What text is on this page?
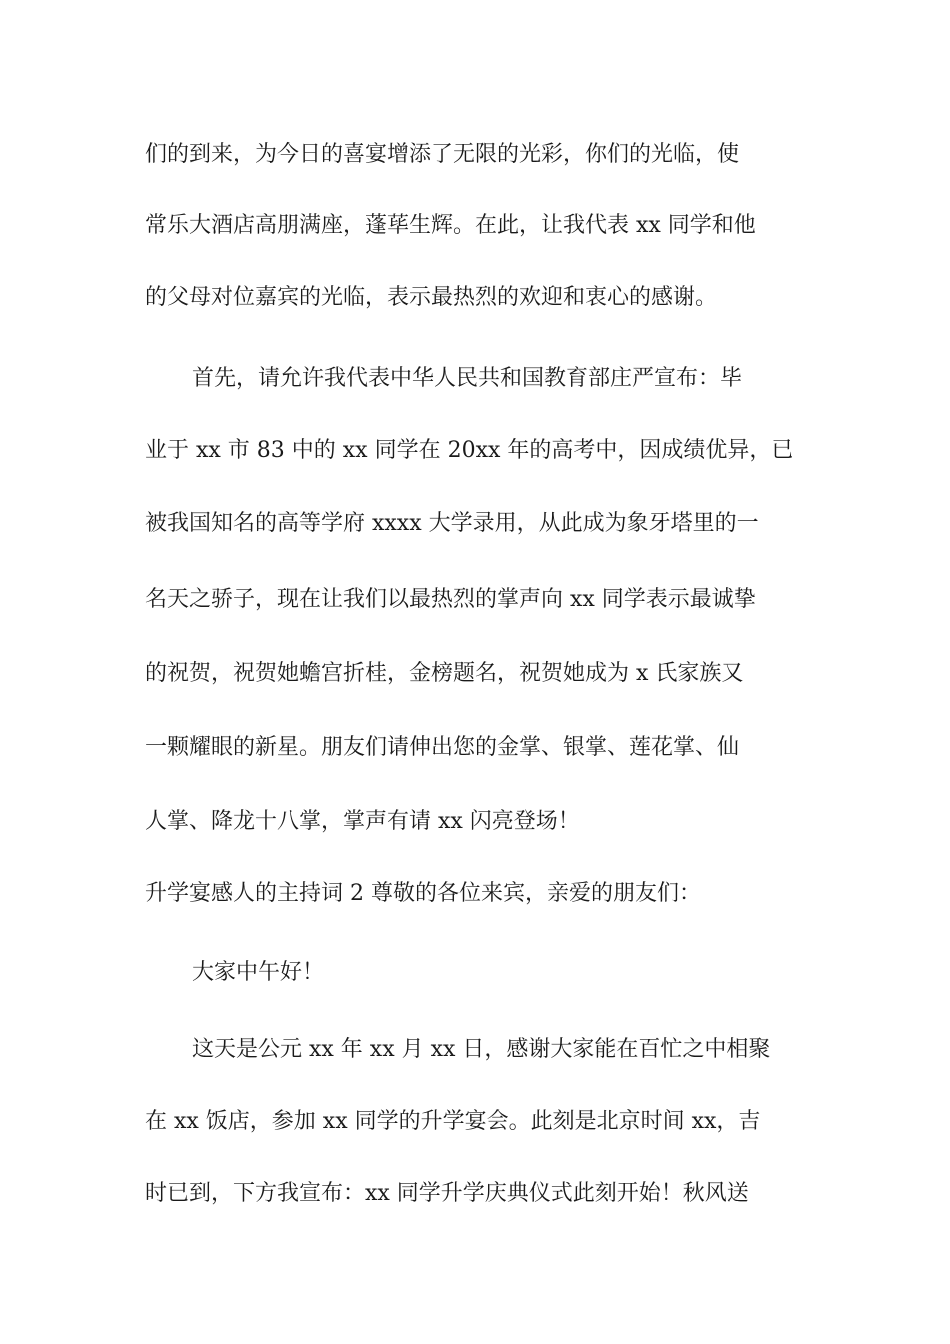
们的到来，为今日的喜宴增添了无限的光彩，你们的光临，使
常乐大酒店高朋满座，蓬荜生辉。在此，让我代表 xx 同学和他
的父母对位嘉宾的光临，表示最热烈的欢迎和衷心的感谢。
首先，请允许我代表中华人民共和国教育部庄严宣布：毕
业于 xx 市 83 中的 xx 同学在 20xx 年的高考中，因成绩优异，已
被我国知名的高等学府 xxxx 大学录用，从此成为象牙塔里的一
名天之骄子，现在让我们以最热烈的掌声向 xx 同学表示最诚挚
的祝贺，祝贺她蟾宫折桂，金榜题名，祝贺她成为 x 氏家族又
一颗耀眼的新星。朋友们请伸出您的金掌、银掌、莲花掌、仙
人掌、降龙十八掌，掌声有请 xx 闪亮登场！
升学宴感人的主持词 2 尊敬的各位来宾，亲爱的朋友们：
大家中午好！
这天是公元 xx 年 xx 月 xx 日，感谢大家能在百忙之中相聚
在 xx 饭店，参加 xx 同学的升学宴会。此刻是北京时间 xx，吉
时已到，下方我宣布：xx 同学升学庆典仪式此刻开始！秋风送
